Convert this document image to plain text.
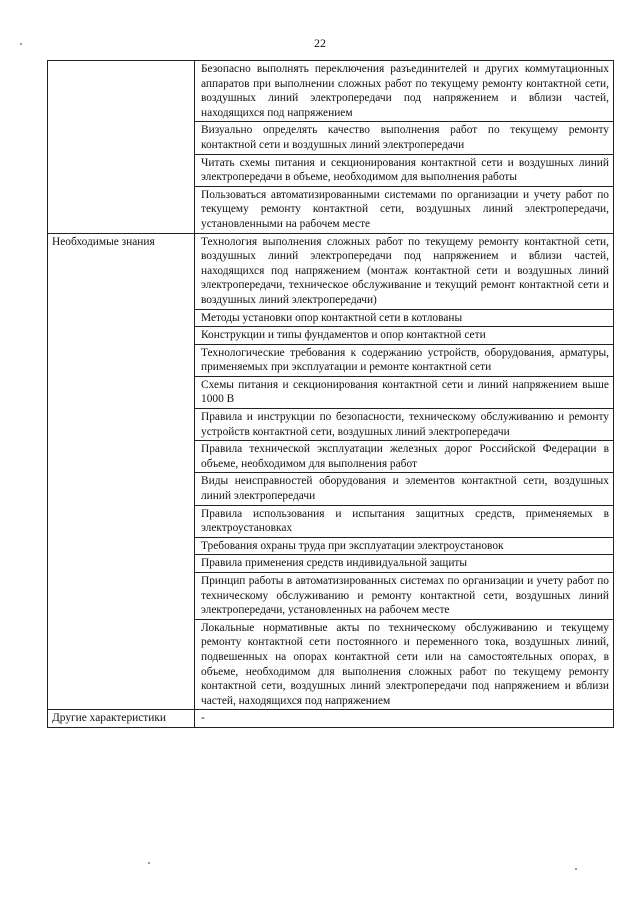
22
	Безопасно выполнять переключения разъединителей и других коммутационных аппаратов при выполнении сложных работ по текущему ремонту контактной сети, воздушных линий электропередачи под напряжением и вблизи частей, находящихся под напряжением
	Визуально определять качество выполнения работ по текущему ремонту контактной сети и воздушных линий электропередачи
	Читать схемы питания и секционирования контактной сети и воздушных линий электропередачи в объеме, необходимом для выполнения работы
	Пользоваться автоматизированными системами по организации и учету работ по текущему ремонту контактной сети, воздушных линий электропередачи, установленными на рабочем месте
Необходимые знания	Технология выполнения сложных работ по текущему ремонту контактной сети, воздушных линий электропередачи под напряжением и вблизи частей, находящихся под напряжением (монтаж контактной сети и воздушных линий электропередачи, техническое обслуживание и текущий ремонт контактной сети и воздушных линий электропередачи)
	Методы установки опор контактной сети в котлованы
	Конструкции и типы фундаментов и опор контактной сети
	Технологические требования к содержанию устройств, оборудования, арматуры, применяемых при эксплуатации и ремонте контактной сети
	Схемы питания и секционирования контактной сети и линий напряжением выше 1000 В
	Правила и инструкции по безопасности, техническому обслуживанию и ремонту устройств контактной сети, воздушных линий электропередачи
	Правила технической эксплуатации железных дорог Российской Федерации в объеме, необходимом для выполнения работ
	Виды неисправностей оборудования и элементов контактной сети, воздушных линий электропередачи
	Правила использования и испытания защитных средств, применяемых в электроустановках
	Требования охраны труда при эксплуатации электроустановок
	Правила применения средств индивидуальной защиты
	Принцип работы в автоматизированных системах по организации и учету работ по техническому обслуживанию и ремонту контактной сети, воздушных линий электропередачи, установленных на рабочем месте
	Локальные нормативные акты по техническому обслуживанию и текущему ремонту контактной сети постоянного и переменного тока, воздушных линий, подвешенных на опорах контактной сети или на самостоятельных опорах, в объеме, необходимом для выполнения сложных работ по текущему ремонту контактной сети, воздушных линий электропередачи под напряжением и вблизи частей, находящихся под напряжением
Другие характеристики	-
